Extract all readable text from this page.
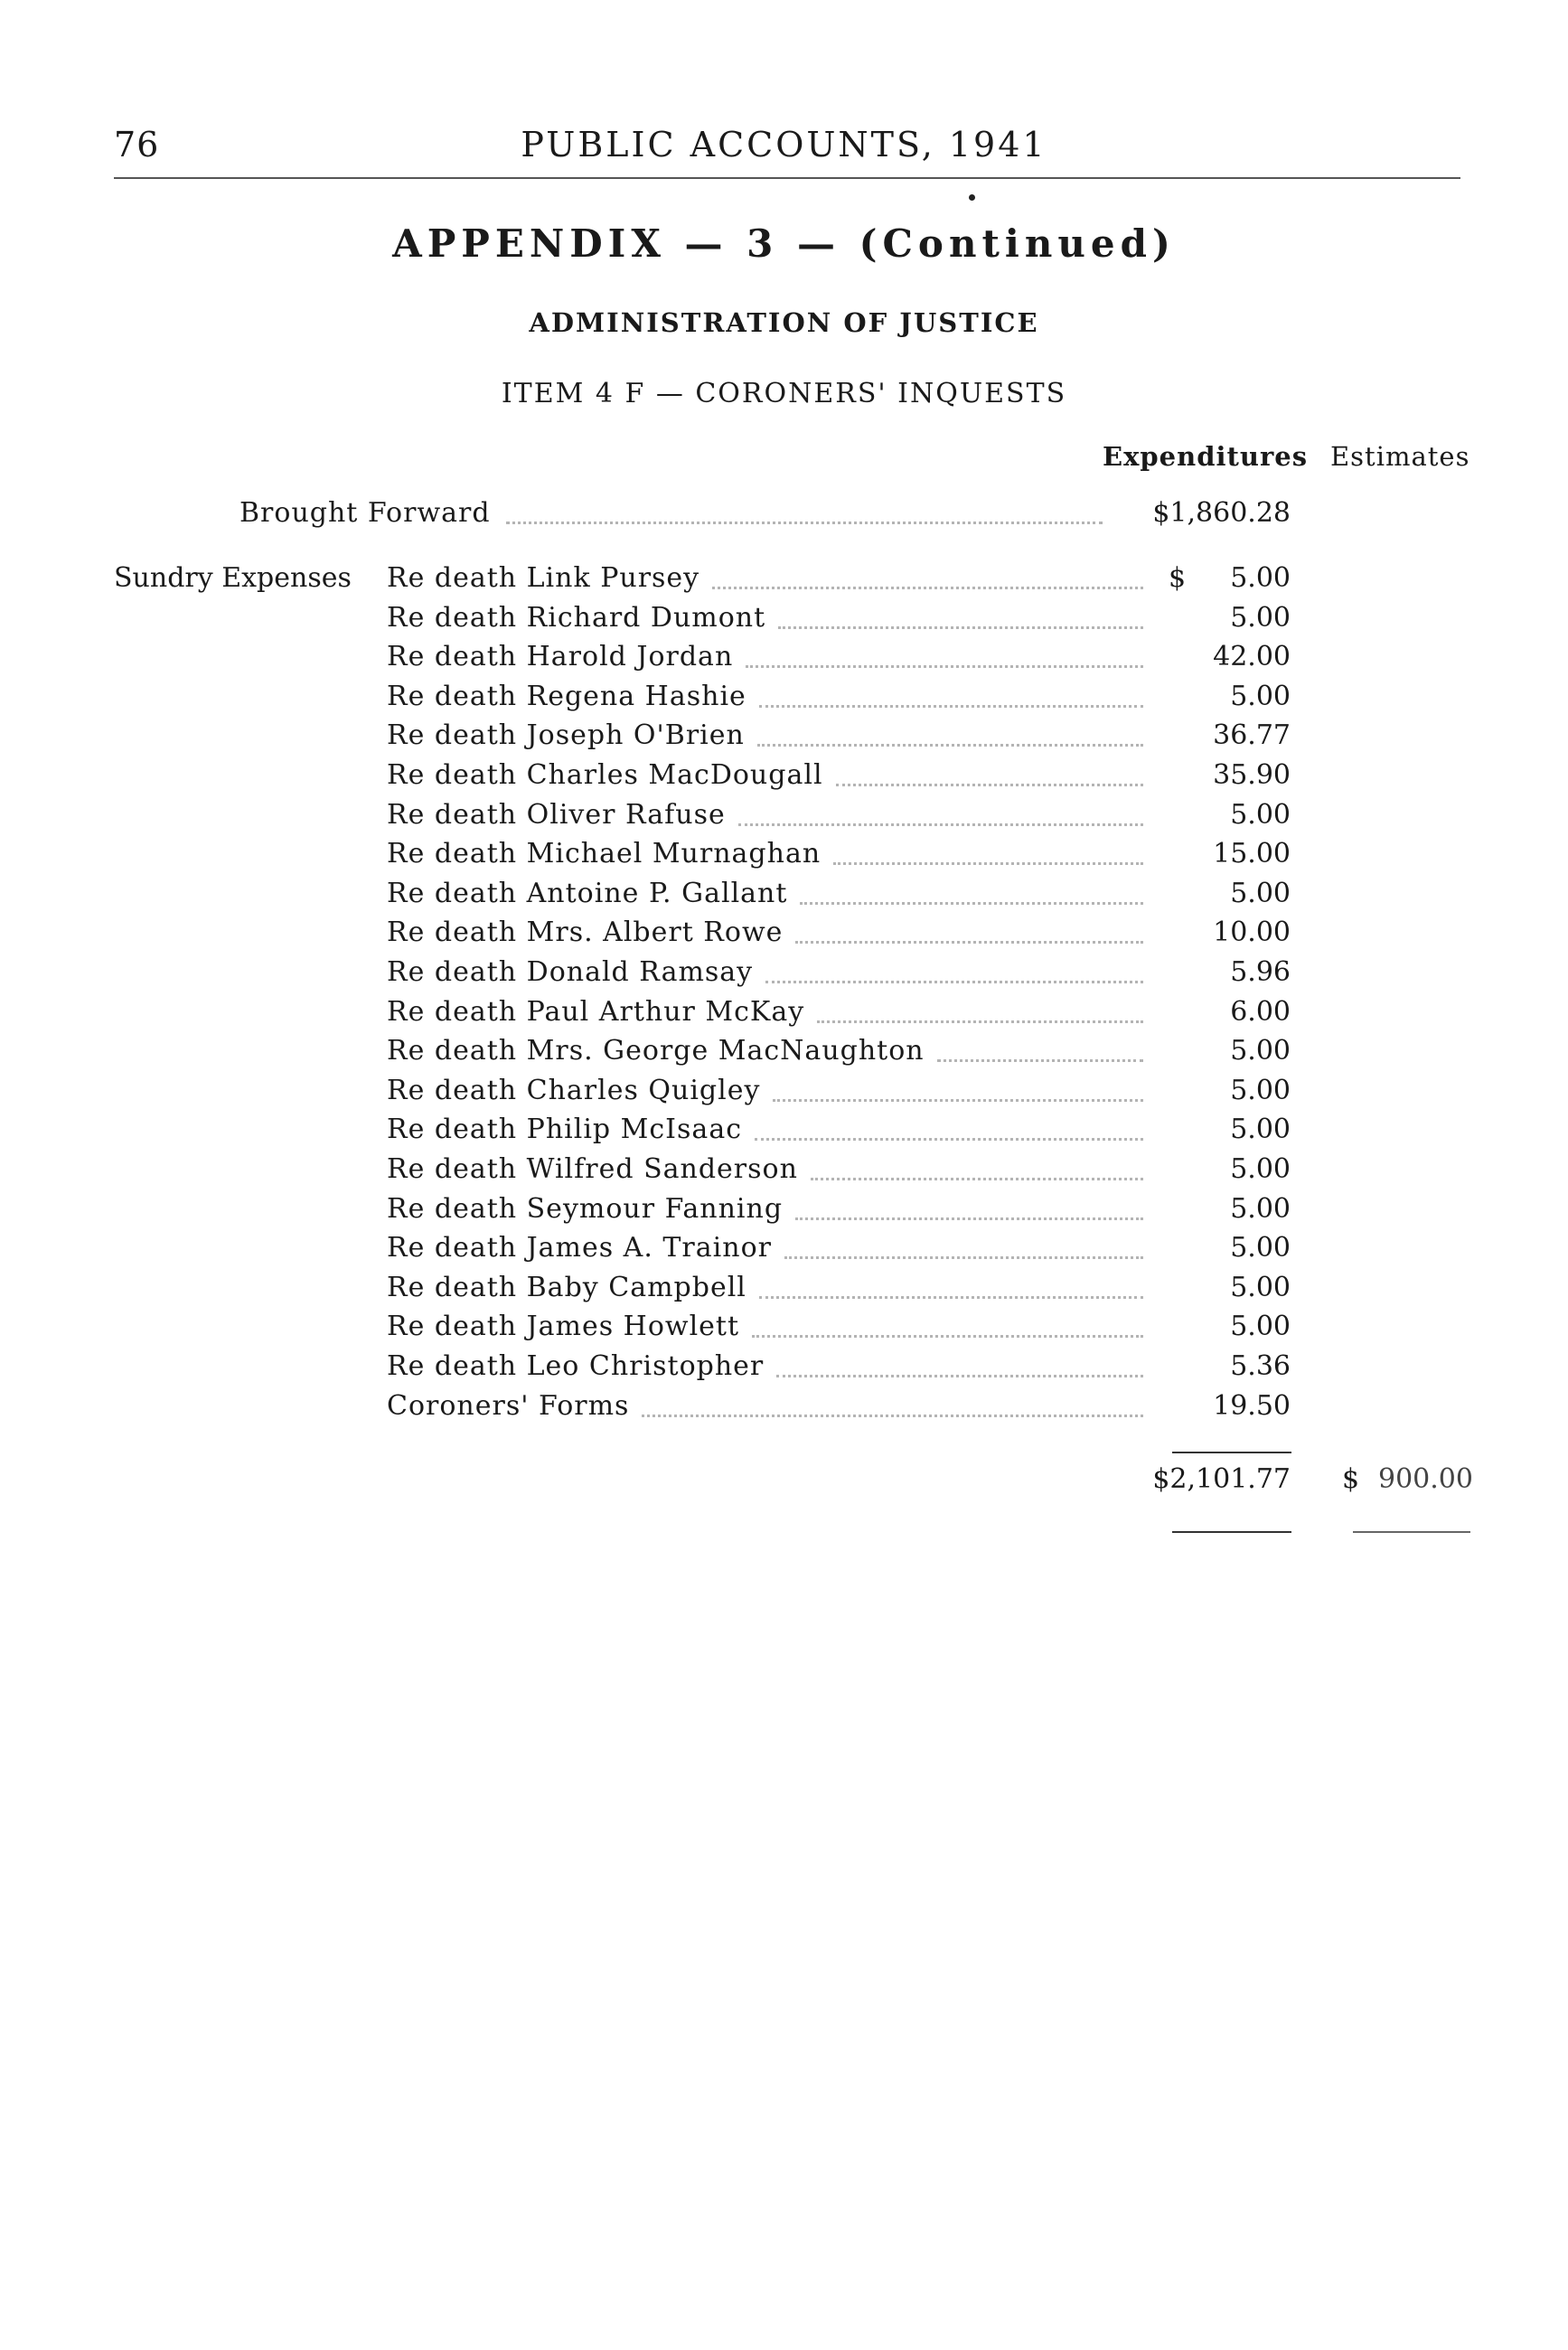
76	PUBLIC ACCOUNTS, 1941
APPENDIX — 3 — (Continued)
ADMINISTRATION OF JUSTICE
ITEM 4 F — CORONERS' INQUESTS
Expenditures Estimates
Brought Forward	$1,860.28
Sundry Expenses Re death Link Pursey	$ 5.00
Re death Richard Dumont	5.00
Re death Harold Jordan	42.00
Re death Regena Hashie	5.00
Re death Joseph O'Brien	36.77
Re death Charles MacDougall	35.90
Re death Oliver Rafuse	5.00
Re death Michael Murnaghan	15.00
Re death Antoine P. Gallant	5.00
Re death Mrs. Albert Rowe	10.00
Re death Donald Ramsay	5.96
Re death Paul Arthur McKay	6.00
Re death Mrs. George MacNaughton	5.00
Re death Charles Quigley	5.00
Re death Philip McIsaac	5.00
Re death Wilfred Sanderson	5.00
Re death Seymour Fanning	5.00
Re death James A. Trainor	5.00
Re death Baby Campbell	5.00
Re death James Howlett	5.00
Re death Leo Christopher	5.36
Coroners' Forms	19.50
$2,101.77 $ 900.00
